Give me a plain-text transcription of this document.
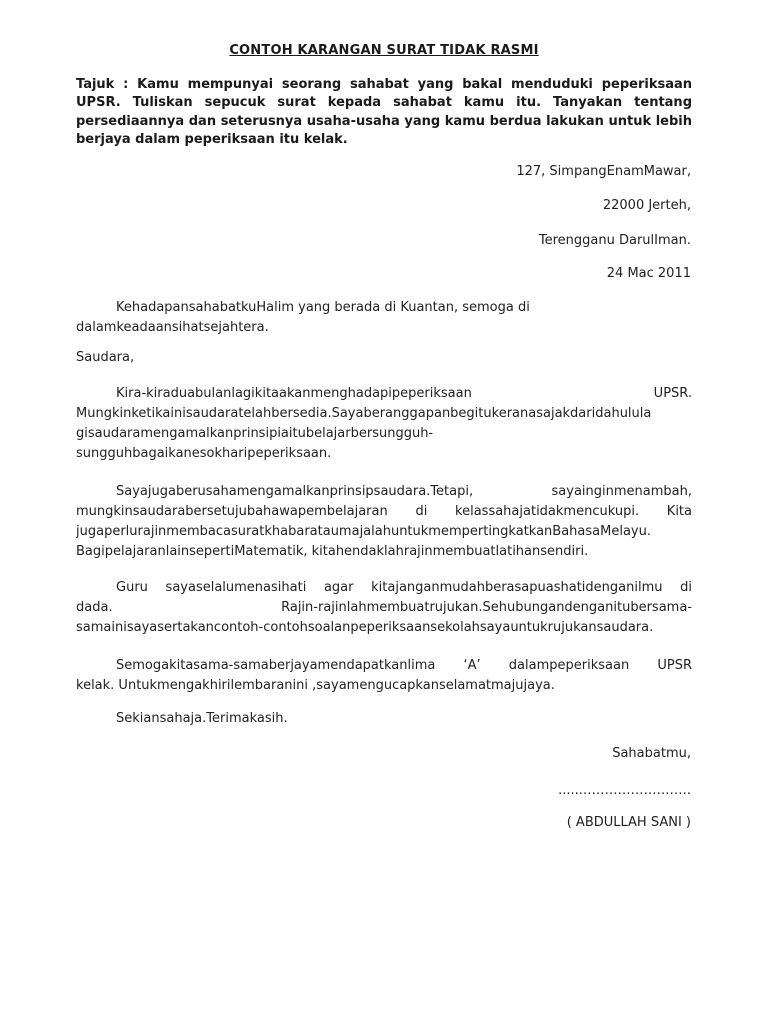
CONTOH KARANGAN SURAT TIDAK RASMI
Tajuk : Kamu mempunyai seorang sahabat yang bakal menduduki peperiksaan UPSR. Tuliskan sepucuk surat kepada sahabat kamu itu. Tanyakan tentang persediaannya dan seterusnya usaha-usaha yang kamu berdua lakukan untuk lebih berjaya dalam peperiksaan itu kelak.
127, SimpangEnamMawar,
22000 Jerteh,
Terengganu DarulIman.
24 Mac 2011
KehadapansahabatkuHalim yang berada di Kuantan, semoga di
dalamkeadaansihatsejahtera.
Saudara,
Kira-kiraduabulanlagikitaakanmenghadapipeperiksaan UPSR.
Mungkinketikainisaudaratelahbersedia.Sayaberanggapanbegitukeranasajakdaridahulula
gisaudaramengamalkanprinsipiaitubelajarbersungguh-
sungguhbagaikanesokharipeperiksaan.
Sayajugaberusahamengamalkanprinsipsaudara.Tetapi, sayainginmenambah,
mungkinsaudarabersetujubahawapembelajaran di kelassahajatidakmencukupi. Kita
jugaperlurajinmembacasuratkhabarataumajalahuntukmempertingkatkanBahasaMelayu.
BagipelajaranlainsepertiMatematik, kitahendaklahrajinmembuatlatihansendiri.
Guru sayaselalumenasihati agar kitajanganmudahberasapuashatidenganilmu di
dada. Rajin-rajinlahmembuatrujukan.Sehubungandenganitubersama-
samainisayasertakancontoh-contohsoalanpeperiksaansekolahsayauntukrujukansaudara.
Semogakitasama-samaberjayamendapatkanlima ‘A’ dalampeperiksaan UPSR
kelak. Untukmengakhirilembaranini ,sayamengucapkanselamatmajujaya.
Sekiansahaja.Terimakasih.
Sahabatmu,
......…………………….
( ABDULLAH SANI )
